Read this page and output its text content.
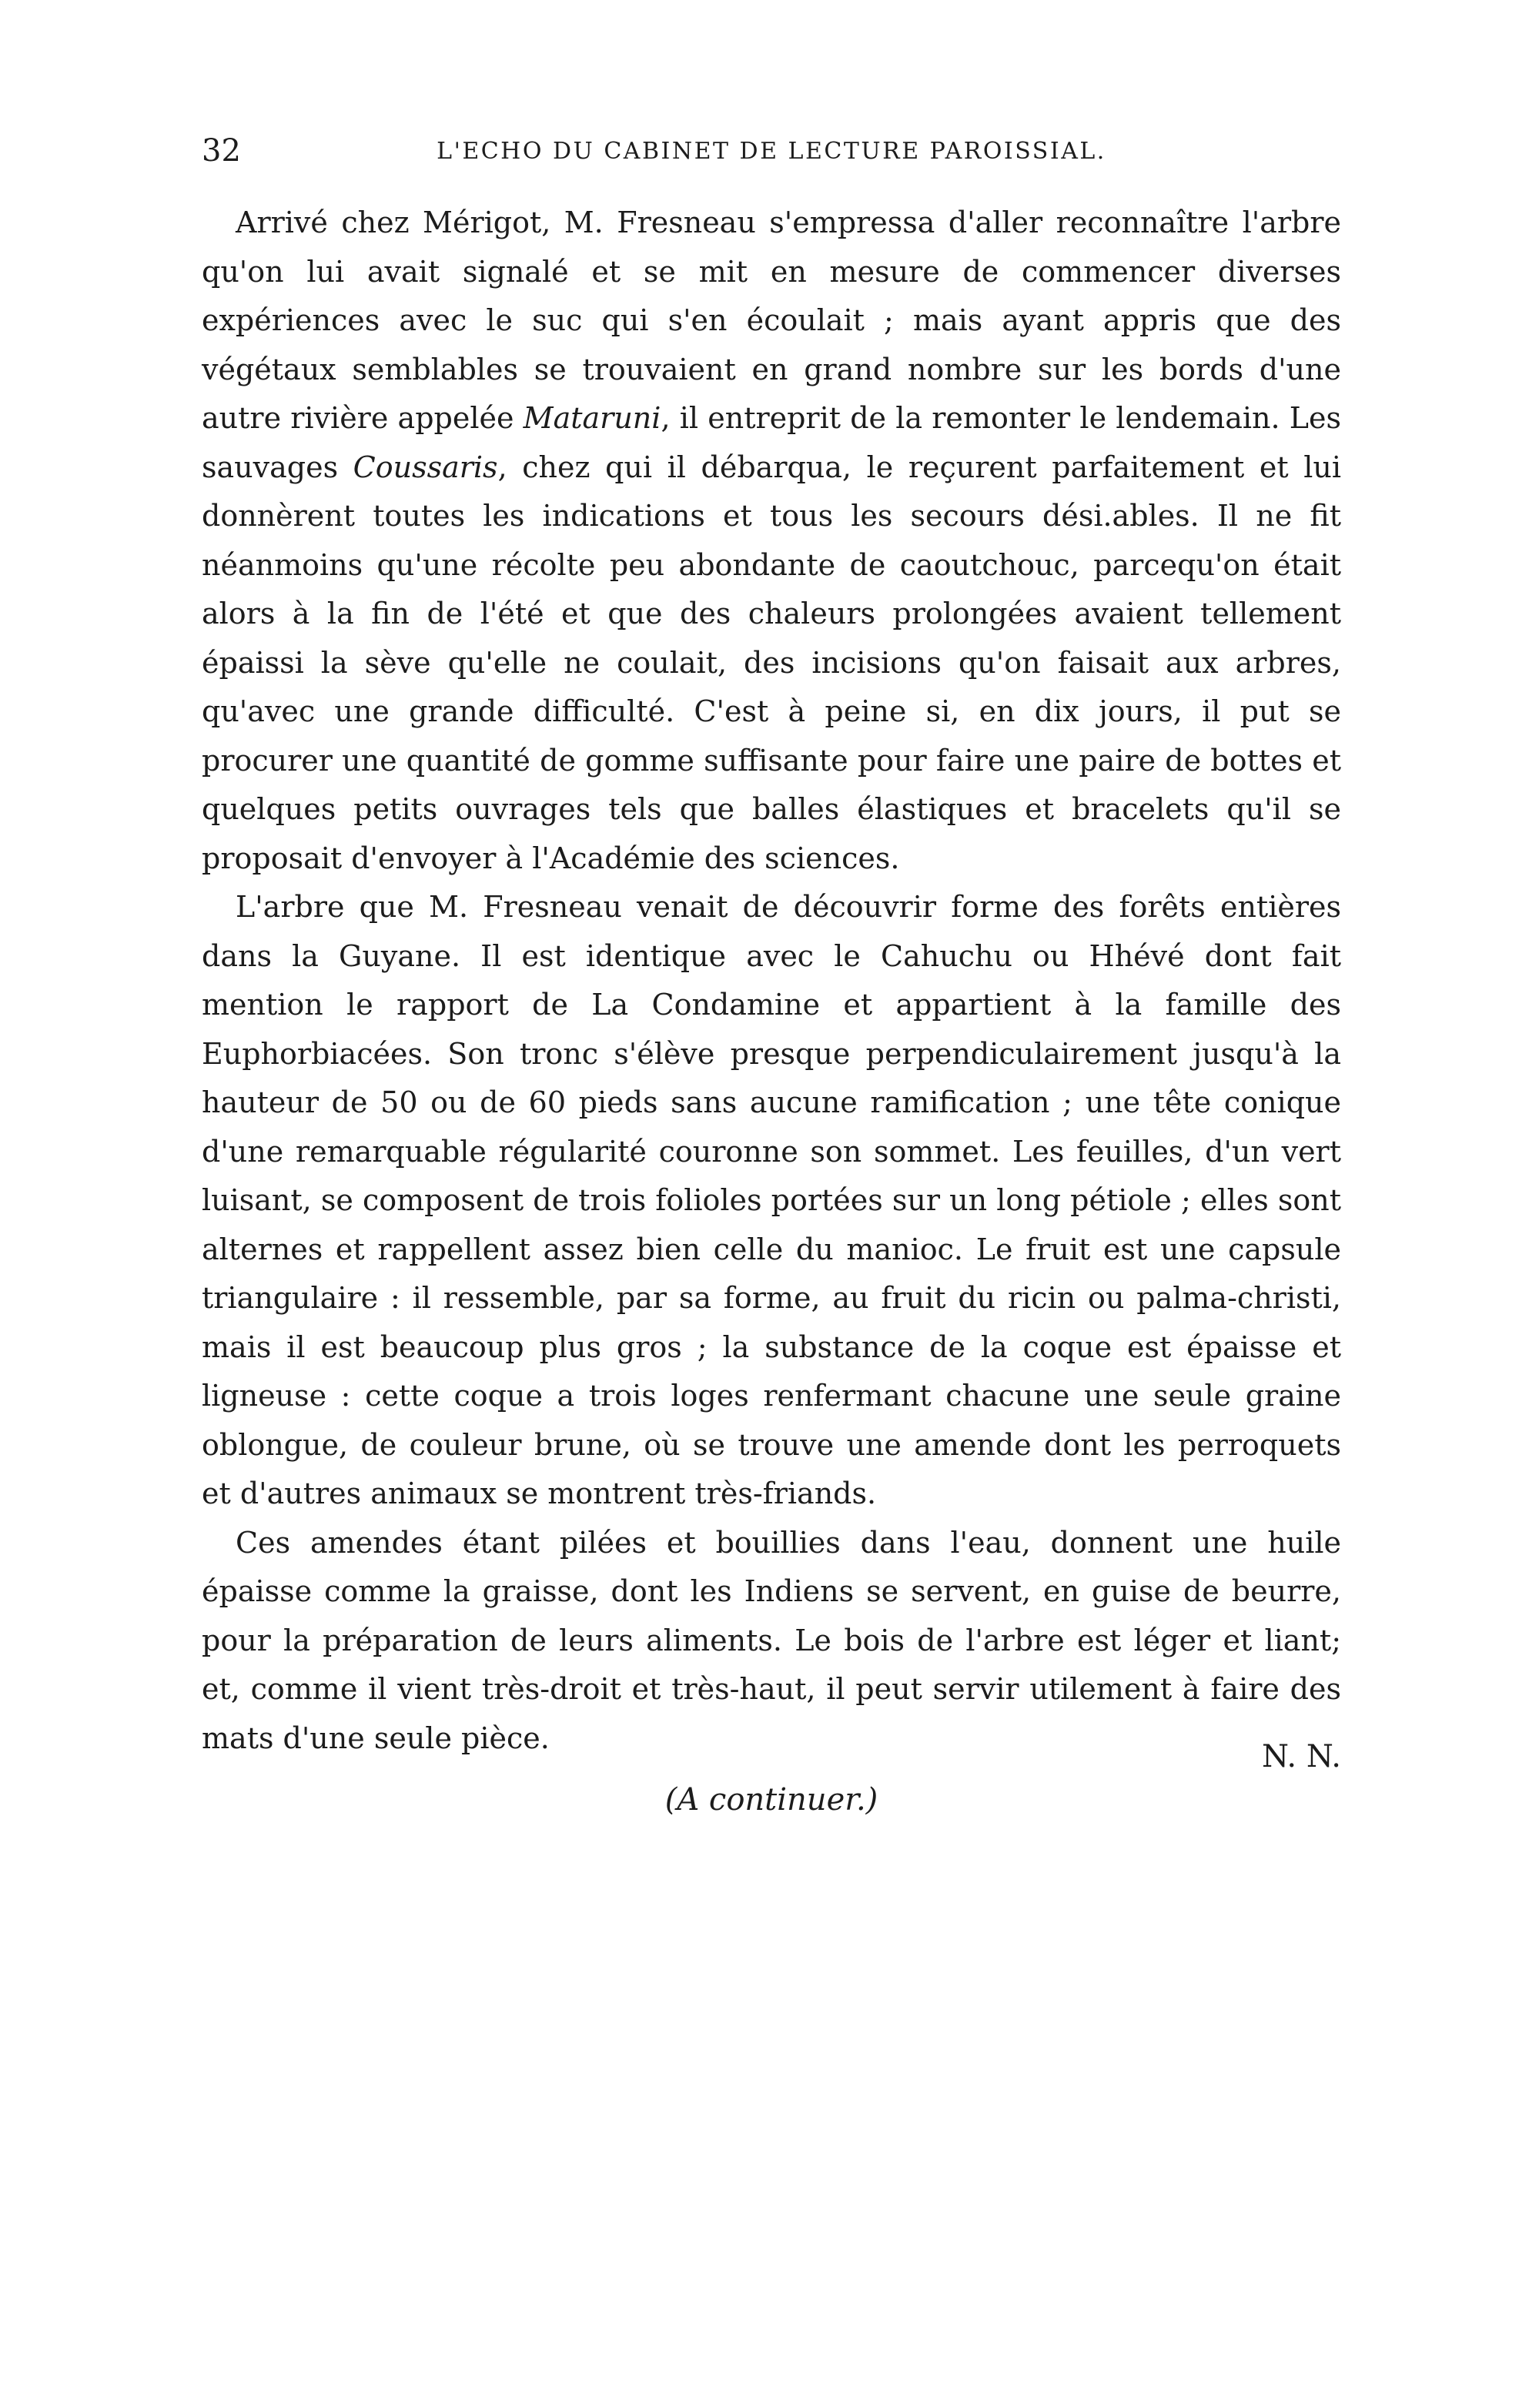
32	L'ECHO DU CABINET DE LECTURE PAROISSIAL.

Arrivé chez Mérigot, M. Fresneau s'empressa d'aller reconnaître l'arbre qu'on lui avait signalé et se mit en mesure de commencer diverses expériences avec le suc qui s'en écoulait ; mais ayant appris que des végétaux semblables se trouvaient en grand nombre sur les bords d'une autre rivière appelée Mataruni, il entreprit de la remonter le lendemain. Les sauvages Coussaris, chez qui il débarqua, le reçurent parfaitement et lui donnèrent toutes les indications et tous les secours dési.ables. Il ne fit néanmoins qu'une récolte peu abondante de caoutchouc, parcequ'on était alors à la fin de l'été et que des chaleurs prolongées avaient tellement épaissi la sève qu'elle ne coulait, des incisions qu'on faisait aux arbres, qu'avec une grande difficulté. C'est à peine si, en dix jours, il put se procurer une quantité de gomme suffisante pour faire une paire de bottes et quelques petits ouvrages tels que balles élastiques et bracelets qu'il se proposait d'envoyer à l'Académie des sciences.

L'arbre que M. Fresneau venait de découvrir forme des forêts entières dans la Guyane. Il est identique avec le Cahuchu ou Hhévé dont fait mention le rapport de La Condamine et appartient à la famille des Euphorbiacées. Son tronc s'élève presque perpendiculairement jusqu'à la hauteur de 50 ou de 60 pieds sans aucune ramification ; une tête conique d'une remarquable régularité couronne son sommet. Les feuilles, d'un vert luisant, se composent de trois folioles portées sur un long pétiole ; elles sont alternes et rappellent assez bien celle du manioc. Le fruit est une capsule triangulaire : il ressemble, par sa forme, au fruit du ricin ou palma-christi, mais il est beaucoup plus gros ; la substance de la coque est épaisse et ligneuse : cette coque a trois loges renfermant chacune une seule graine oblongue, de couleur brune, où se trouve une amende dont les perroquets et d'autres animaux se montrent très-friands.

Ces amendes étant pilées et bouillies dans l'eau, donnent une huile épaisse comme la graisse, dont les Indiens se servent, en guise de beurre, pour la préparation de leurs aliments. Le bois de l'arbre est léger et liant; et, comme il vient très-droit et très-haut, il peut servir utilement à faire des mats d'une seule pièce.

N. N.
(A continuer.)
